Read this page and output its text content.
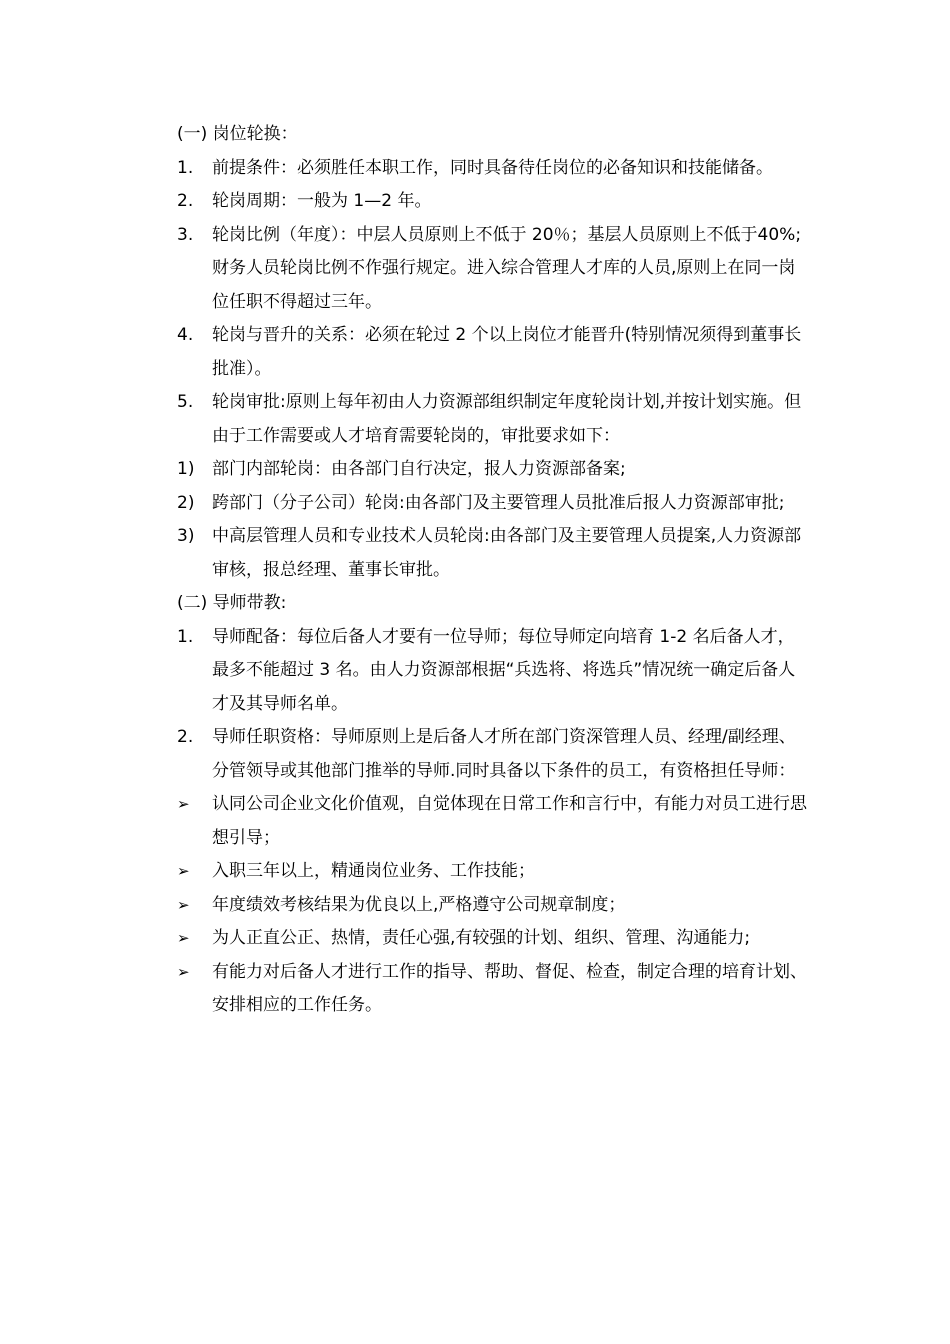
(一) 岗位轮换：

1.	前提条件：必须胜任本职工作，同时具备待任岗位的必备知识和技能储备。
2.	轮岗周期：一般为 1—2 年。
3.	轮岗比例（年度）：中层人员原则上不低于 20％；基层人员原则上不低于40%;财务人员轮岗比例不作强行规定。进入综合管理人才库的人员,原则上在同一岗位任职不得超过三年。
4.	轮岗与晋升的关系：必须在轮过 2 个以上岗位才能晋升(特别情况须得到董事长批准）。
5.	轮岗审批:原则上每年初由人力资源部组织制定年度轮岗计划,并按计划实施。但由于工作需要或人才培育需要轮岗的，审批要求如下：
1)	部门内部轮岗：由各部门自行决定，报人力资源部备案;
2)	跨部门（分子公司）轮岗:由各部门及主要管理人员批准后报人力资源部审批;
3)	中高层管理人员和专业技术人员轮岗:由各部门及主要管理人员提案,人力资源部审核，报总经理、董事长审批。

(二) 导师带教:

1.	导师配备：每位后备人才要有一位导师；每位导师定向培育 1-2 名后备人才，最多不能超过 3 名。由人力资源部根据“兵选将、将选兵”情况统一确定后备人才及其导师名单。
2.	导师任职资格：导师原则上是后备人才所在部门资深管理人员、经理/副经理、分管领导或其他部门推举的导师.同时具备以下条件的员工，有资格担任导师：
➢	认同公司企业文化价值观，自觉体现在日常工作和言行中，有能力对员工进行思想引导；
➢	入职三年以上，精通岗位业务、工作技能；
➢	年度绩效考核结果为优良以上,严格遵守公司规章制度；
➢	为人正直公正、热情，责任心强,有较强的计划、组织、管理、沟通能力;
➢	有能力对后备人才进行工作的指导、帮助、督促、检查，制定合理的培育计划、安排相应的工作任务。
